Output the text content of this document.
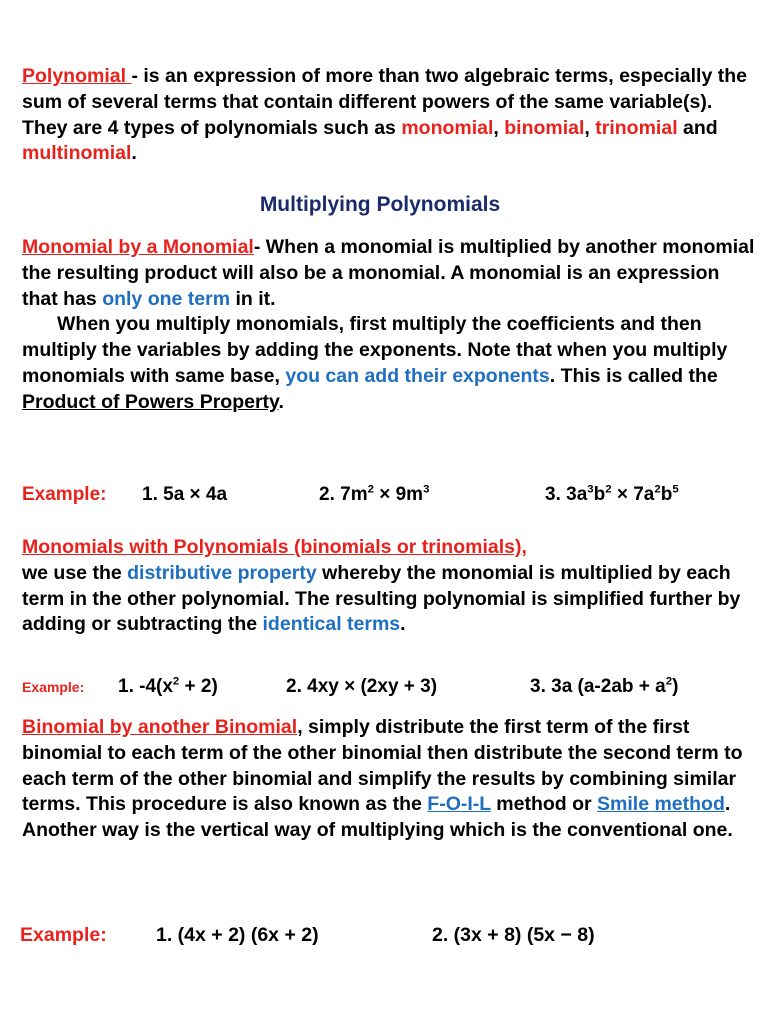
Polynomial - is an expression of more than two algebraic terms, especially the sum of several terms that contain different powers of the same variable(s). They are 4 types of polynomials such as monomial, binomial, trinomial and multinomial.

Multiplying Polynomials

Monomial by a Monomial- When a monomial is multiplied by another monomial the resulting product will also be a monomial. A monomial is an expression that has only one term in it.
When you multiply monomials, first multiply the coefficients and then multiply the variables by adding the exponents. Note that when you multiply monomials with same base, you can add their exponents. This is called the Product of Powers Property.

Example: 1. 5a × 4a	2. $7m^2 \times 9m^3$	3. $3a^3b^2 \times 7a^2b^5$

Monomials with Polynomials (binomials or trinomials),
we use the distributive property whereby the monomial is multiplied by each term in the other polynomial. The resulting polynomial is simplified further by adding or subtracting the identical terms.

Example: 1. $-4(x^2 + 2)$	2. 4xy × (2xy + 3)	3. 3a $(a-2ab + a^2)$

Binomial by another Binomial, simply distribute the first term of the first binomial to each term of the other binomial then distribute the second term to each term of the other binomial and simplify the results by combining similar terms. This procedure is also known as the F-O-I-L method or Smile method. Another way is the vertical way of multiplying which is the conventional one.

Example:	1. (4x + 2) (6x + 2)	2. (3x + 8) (5x − 8)
